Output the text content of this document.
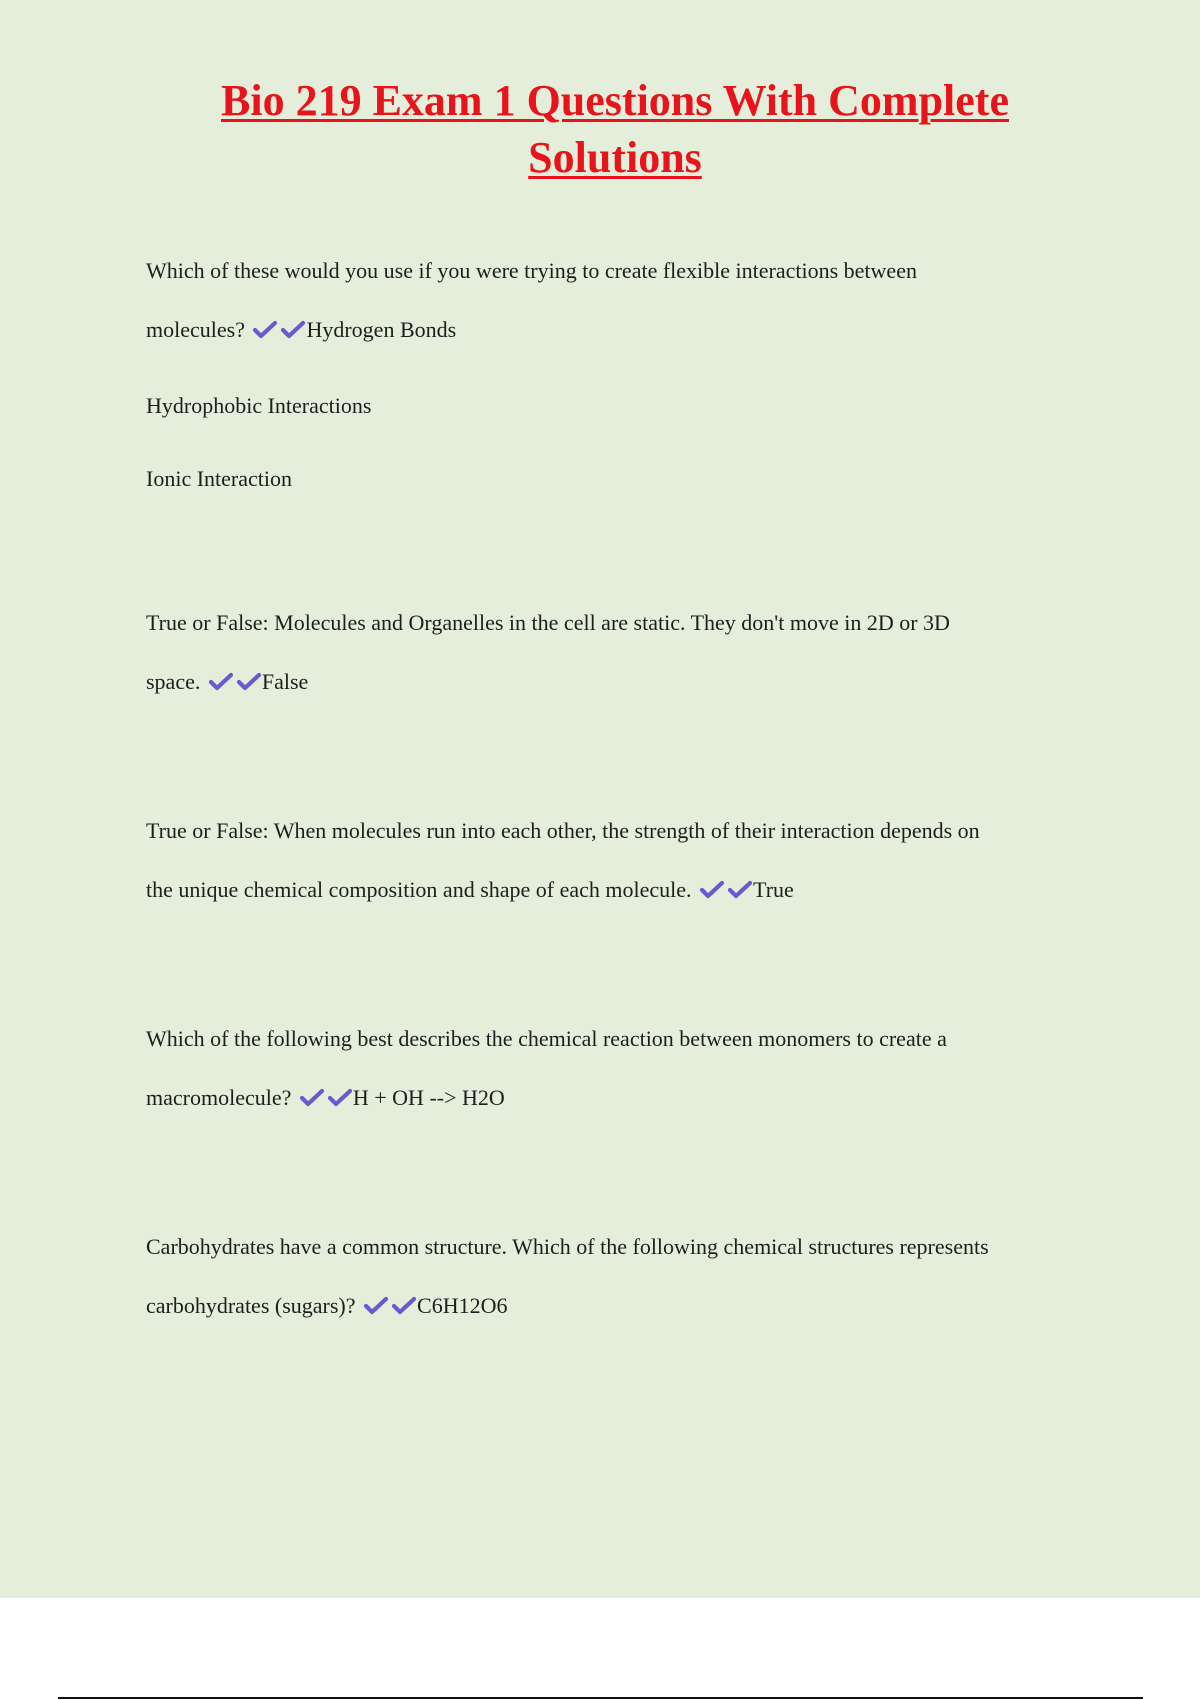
Bio 219 Exam 1 Questions With Complete Solutions

Which of these would you use if you were trying to create flexible interactions between

molecules?	Hydrogen Bonds

Hydrophobic Interactions

Ionic Interaction

True or False: Molecules and Organelles in the cell are static. They don't move in 2D or 3D

space.	False

True or False: When molecules run into each other, the strength of their interaction depends on

the unique chemical composition and shape of each molecule.	True

Which of the following best describes the chemical reaction between monomers to create a

macromolecule?	H + OH --> H2O

Carbohydrates have a common structure. Which of the following chemical structures represents

carbohydrates (sugars)?	C6H12O6
